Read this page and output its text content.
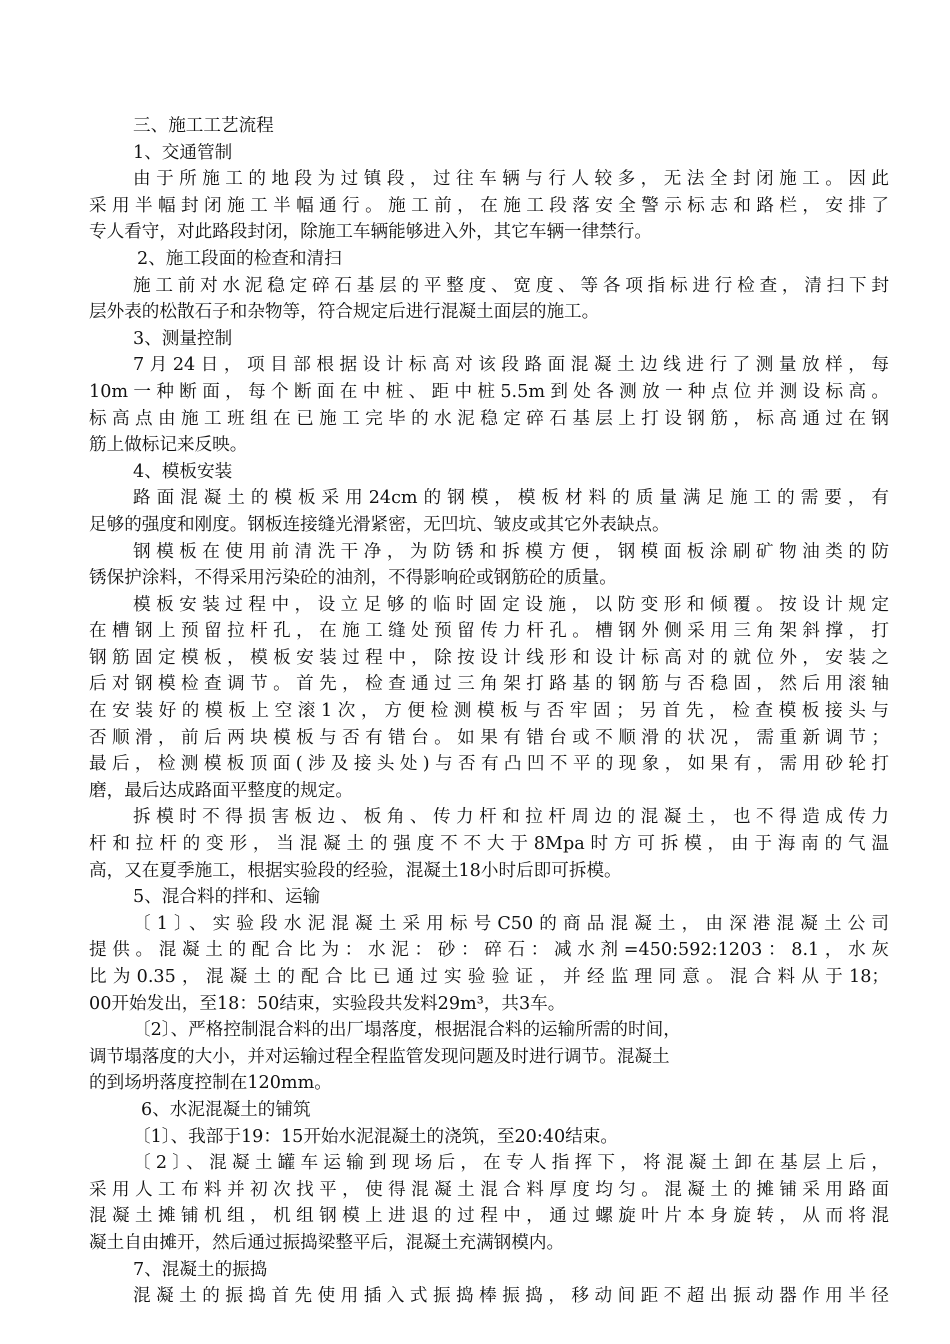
三、施工工艺流程
1、交通管制
由于所施工的地段为过镇段，过往车辆与行人较多，无法全封闭施工。因此
采用半幅封闭施工半幅通行。施工前，在施工段落安全警示标志和路栏，安排了
专人看守，对此路段封闭，除施工车辆能够进入外，其它车辆一律禁行。
2、施工段面的检查和清扫
施工前对水泥稳定碎石基层的平整度、宽度、等各项指标进行检查，清扫下封
层外表的松散石子和杂物等，符合规定后进行混凝土面层的施工。
3、测量控制
7月24日，项目部根据设计标高对该段路面混凝土边线进行了测量放样，每
10m一种断面，每个断面在中桩、距中桩5.5m到处各测放一种点位并测设标高。
标高点由施工班组在已施工完毕的水泥稳定碎石基层上打设钢筋，标高通过在钢
筋上做标记来反映。
4、模板安装
路面混凝土的模板采用24cm的钢模，模板材料的质量满足施工的需要，有
足够的强度和刚度。钢板连接缝光滑紧密，无凹坑、皱皮或其它外表缺点。
钢模板在使用前清洗干净，为防锈和拆模方便，钢模面板涂刷矿物油类的防
锈保护涂料，不得采用污染砼的油剂，不得影响砼或钢筋砼的质量。
模板安装过程中，设立足够的临时固定设施，以防变形和倾覆。按设计规定
在槽钢上预留拉杆孔，在施工缝处预留传力杆孔。槽钢外侧采用三角架斜撑，打
钢筋固定模板，模板安装过程中，除按设计线形和设计标高对的就位外，安装之
后对钢模检查调节。首先，检查通过三角架打路基的钢筋与否稳固，然后用滚轴
在安装好的模板上空滚1次，方便检测模板与否牢固；另首先，检查模板接头与
否顺滑，前后两块模板与否有错台。如果有错台或不顺滑的状况，需重新调节；
最后，检测模板顶面(涉及接头处)与否有凸凹不平的现象，如果有，需用砂轮打
磨，最后达成路面平整度的规定。
拆模时不得损害板边、板角、传力杆和拉杆周边的混凝土，也不得造成传力
杆和拉杆的变形，当混凝土的强度不不大于8Mpa时方可拆模，由于海南的气温
高，又在夏季施工，根据实验段的经验，混凝土18小时后即可拆模。
5、混合料的拌和、运输
〔1〕、实验段水泥混凝土采用标号C50的商品混凝土，由深港混凝土公司
提供。混凝土的配合比为：水泥：砂：碎石：减水剂=450:592:1203：8.1，水灰
比为0.35，混凝土的配合比已通过实验验证，并经监理同意。混合料从于18；
00开始发出，至18：50结束，实验段共发料29m³，共3车。
〔2〕、严格控制混合料的出厂塌落度，根据混合料的运输所需的时间，
调节塌落度的大小，并对运输过程全程监管发现问题及时进行调节。混凝土
的到场坍落度控制在120mm。
6、水泥混凝土的铺筑
〔1〕、我部于19：15开始水泥混凝土的浇筑，至20:40结束。
〔2〕、混凝土罐车运输到现场后，在专人指挥下，将混凝土卸在基层上后，
采用人工布料并初次找平，使得混凝土混合料厚度均匀。混凝土的摊铺采用路面
混凝土摊铺机组，机组钢模上进退的过程中，通过螺旋叶片本身旋转，从而将混
凝土自由摊开，然后通过振捣梁整平后，混凝土充满钢模内。
7、混凝土的振捣
混凝土的振捣首先使用插入式振捣棒振捣，移动间距不超出振动器作用半径
